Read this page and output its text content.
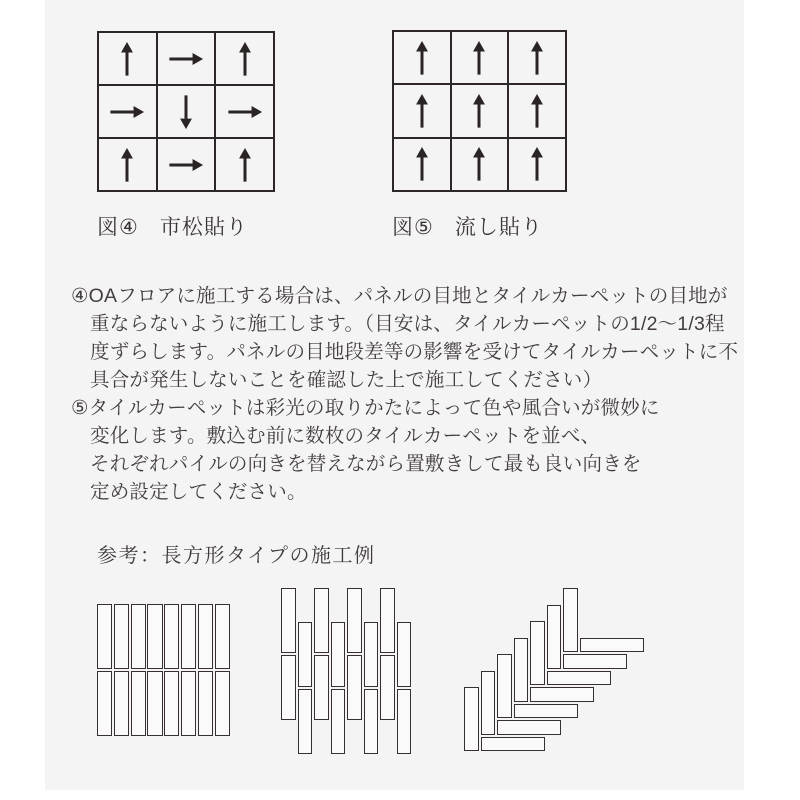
図④ 市松貼り	図⑤ 流し貼り
④OAフロアに施工する場合は、パネルの目地とタイルカーペットの目地が
重ならないように施工します。（目安は、タイルカーペットの1/2～1/3程
度ずらします。パネルの目地段差等の影響を受けてタイルカーペットに不
具合が発生しないことを確認した上で施工してください）
⑤タイルカーペットは彩光の取りかたによって色や風合いが微妙に
変化します。敷込む前に数枚のタイルカーペットを並べ、
それぞれパイルの向きを替えながら置敷きして最も良い向きを
定め設定してください。
参考：長方形タイプの施工例
